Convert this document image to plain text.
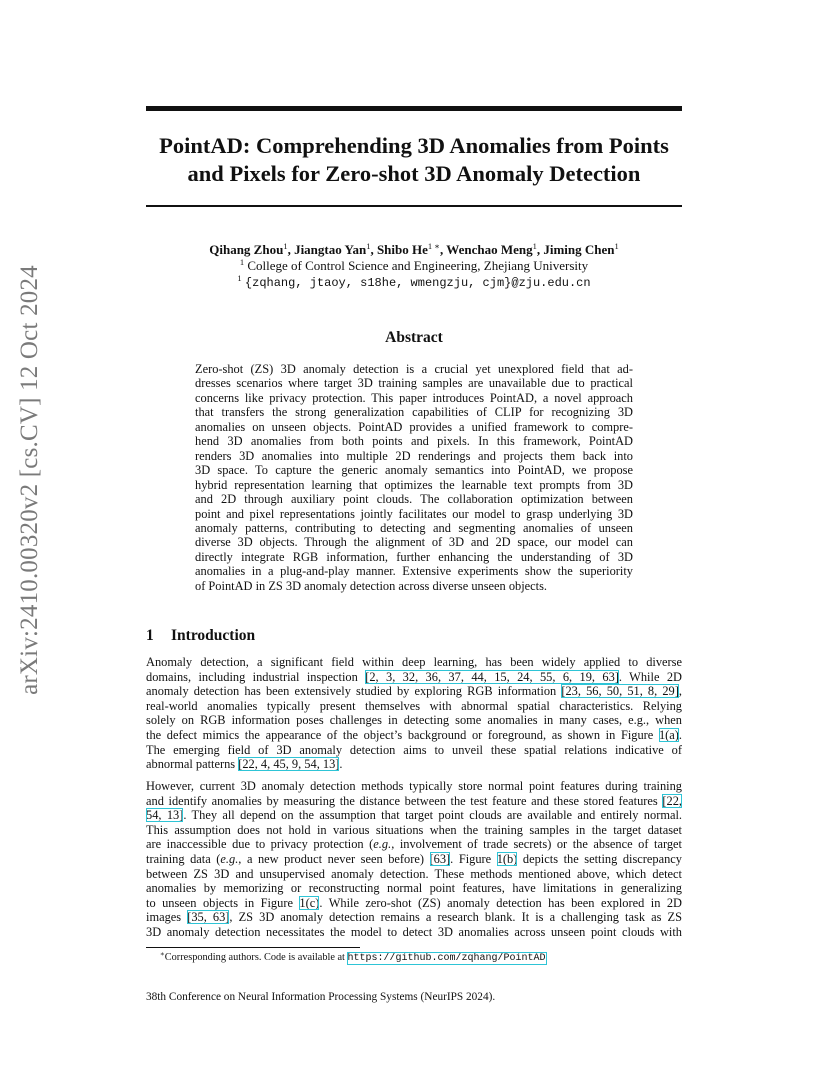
arXiv:2410.00320v2 [cs.CV] 12 Oct 2024
PointAD: Comprehending 3D Anomalies from Points
and Pixels for Zero-shot 3D Anomaly Detection
Qihang Zhou$^1$, Jiangtao Yan$^1$, Shibo $He^{1 ∗}$, Wenchao Meng$^1$, Jiming Chen$^1$
$^1$ College of Control Science and Engineering, Zhejiang University
$^1$ {zqhang, jtaoy, s18he, wmengzju, cjm}@zju.edu.cn
Abstract
Zero-shot (ZS) 3D anomaly detection is a crucial yet unexplored field that ad-
dresses scenarios where target 3D training samples are unavailable due to practical
concerns like privacy protection. This paper introduces PointAD, a novel approach
that transfers the strong generalization capabilities of CLIP for recognizing 3D
anomalies on unseen objects. PointAD provides a unified framework to compre-
hend 3D anomalies from both points and pixels. In this framework, PointAD
renders 3D anomalies into multiple 2D renderings and projects them back into
3D space. To capture the generic anomaly semantics into PointAD, we propose
hybrid representation learning that optimizes the learnable text prompts from 3D
and 2D through auxiliary point clouds. The collaboration optimization between
point and pixel representations jointly facilitates our model to grasp underlying 3D
anomaly patterns, contributing to detecting and segmenting anomalies of unseen
diverse 3D objects. Through the alignment of 3D and 2D space, our model can
directly integrate RGB information, further enhancing the understanding of 3D
anomalies in a plug-and-play manner. Extensive experiments show the superiority
of PointAD in ZS 3D anomaly detection across diverse unseen objects.
1 Introduction
Anomaly detection, a significant field within deep learning, has been widely applied to diverse
domains, including industrial inspection [2, 3, 32, 36, 37, 44, 15, 24, 55, 6, 19, 63]. While 2D
anomaly detection has been extensively studied by exploring RGB information [23, 56, 50, 51, 8, 29],
real-world anomalies typically present themselves with abnormal spatial characteristics. Relying
solely on RGB information poses challenges in detecting some anomalies in many cases, e.g., when
the defect mimics the appearance of the object’s background or foreground, as shown in Figure 1(a).
The emerging field of 3D anomaly detection aims to unveil these spatial relations indicative of
abnormal patterns [22, 4, 45, 9, 54, 13].
However, current 3D anomaly detection methods typically store normal point features during training
and identify anomalies by measuring the distance between the test feature and these stored features [22,
54, 13]. They all depend on the assumption that target point clouds are available and entirely normal.
This assumption does not hold in various situations when the training samples in the target dataset
are inaccessible due to privacy protection (e.g., involvement of trade secrets) or the absence of target
training data (e.g., a new product never seen before) [63]. Figure 1(b) depicts the setting discrepancy
between ZS 3D and unsupervised anomaly detection. These methods mentioned above, which detect
anomalies by memorizing or reconstructing normal point features, have limitations in generalizing
to unseen objects in Figure 1(c). While zero-shot (ZS) anomaly detection has been explored in 2D
images [35, 63], ZS 3D anomaly detection remains a research blank. It is a challenging task as ZS
3D anomaly detection necessitates the model to detect 3D anomalies across unseen point clouds with
∗Corresponding authors. Code is available at https://github.com/zqhang/PointAD
38th Conference on Neural Information Processing Systems (NeurIPS 2024).
